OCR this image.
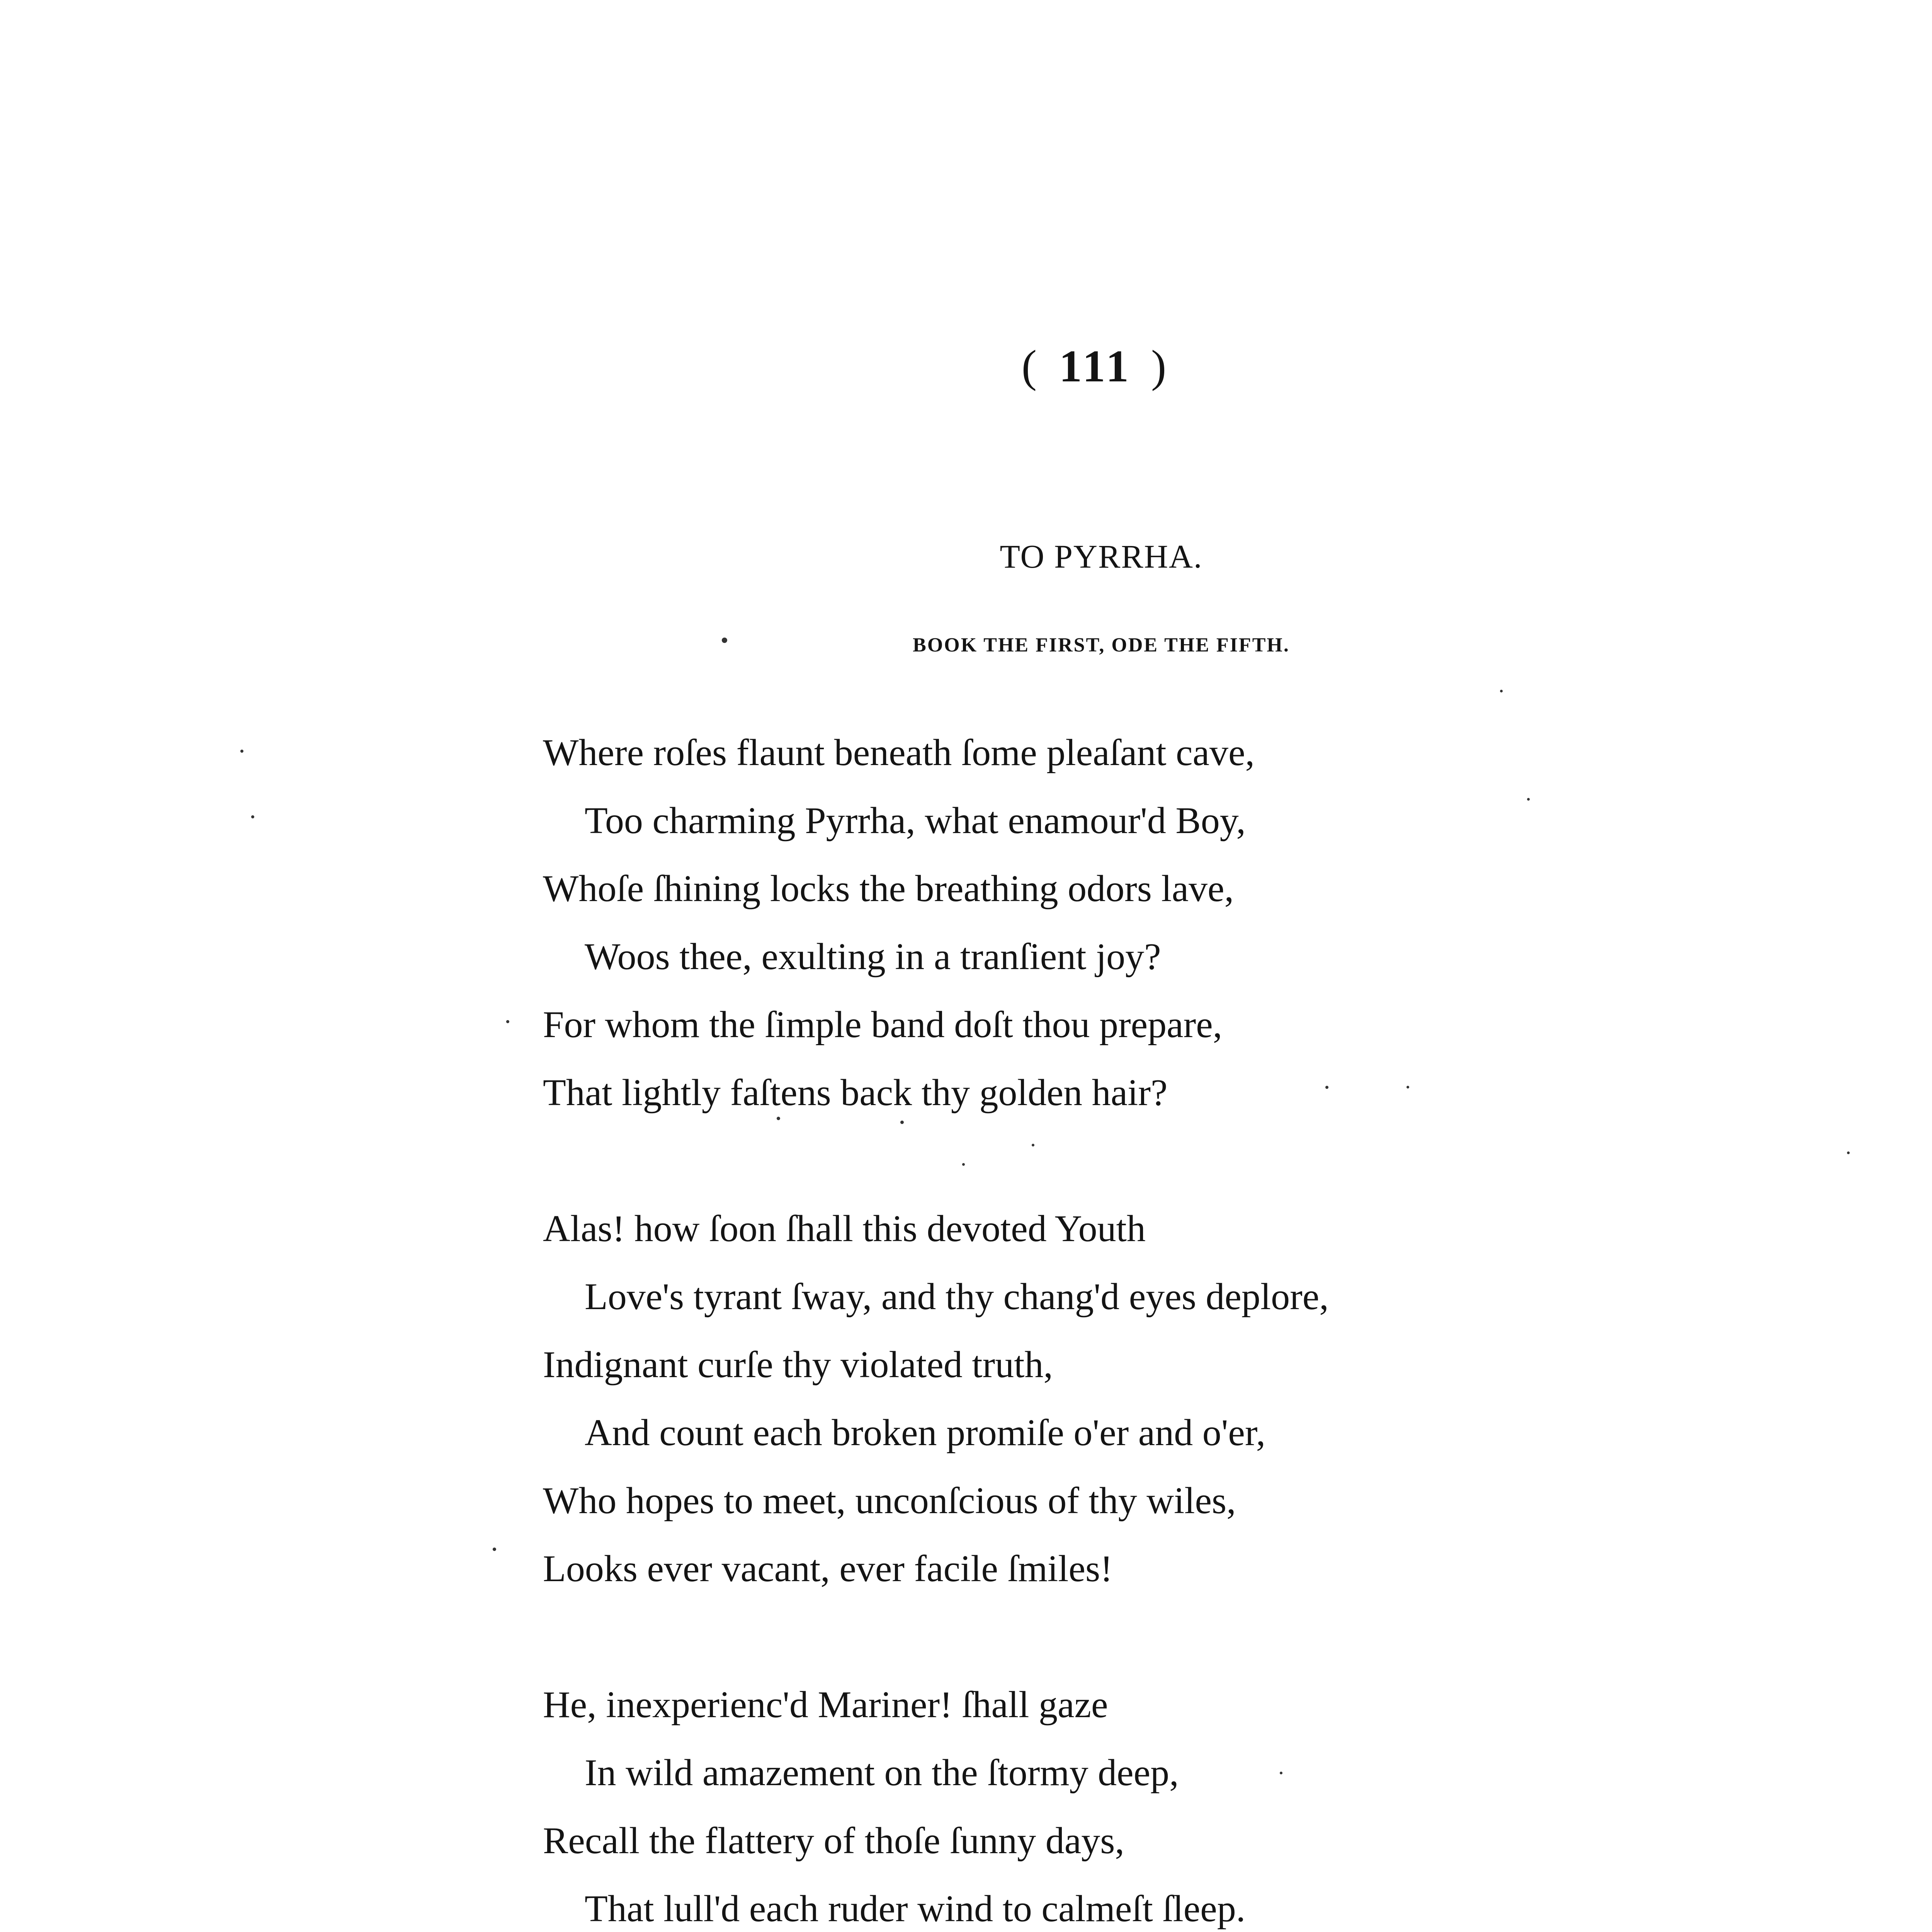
( 111 )
TO PYRRHA.
BOOK THE FIRST, ODE THE FIFTH.
Where roſes flaunt beneath ſome pleaſant cave,
Too charming Pyrrha, what enamour'd Boy,
Whoſe ſhining locks the breathing odors lave,
Woos thee, exulting in a tranſient joy?
For whom the ſimple band doſt thou prepare,
That lightly faſtens back thy golden hair?
Alas! how ſoon ſhall this devoted Youth
Love's tyrant ſway, and thy chang'd eyes deplore,
Indignant curſe thy violated truth,
And count each broken promiſe o'er and o'er,
Who hopes to meet, unconſcious of thy wiles,
Looks ever vacant, ever facile ſmiles!
He, inexperienc'd Mariner! ſhall gaze
In wild amazement on the ſtormy deep,
Recall the flattery of thoſe ſunny days,
That lull'd each ruder wind to calmeſt ſleep.
